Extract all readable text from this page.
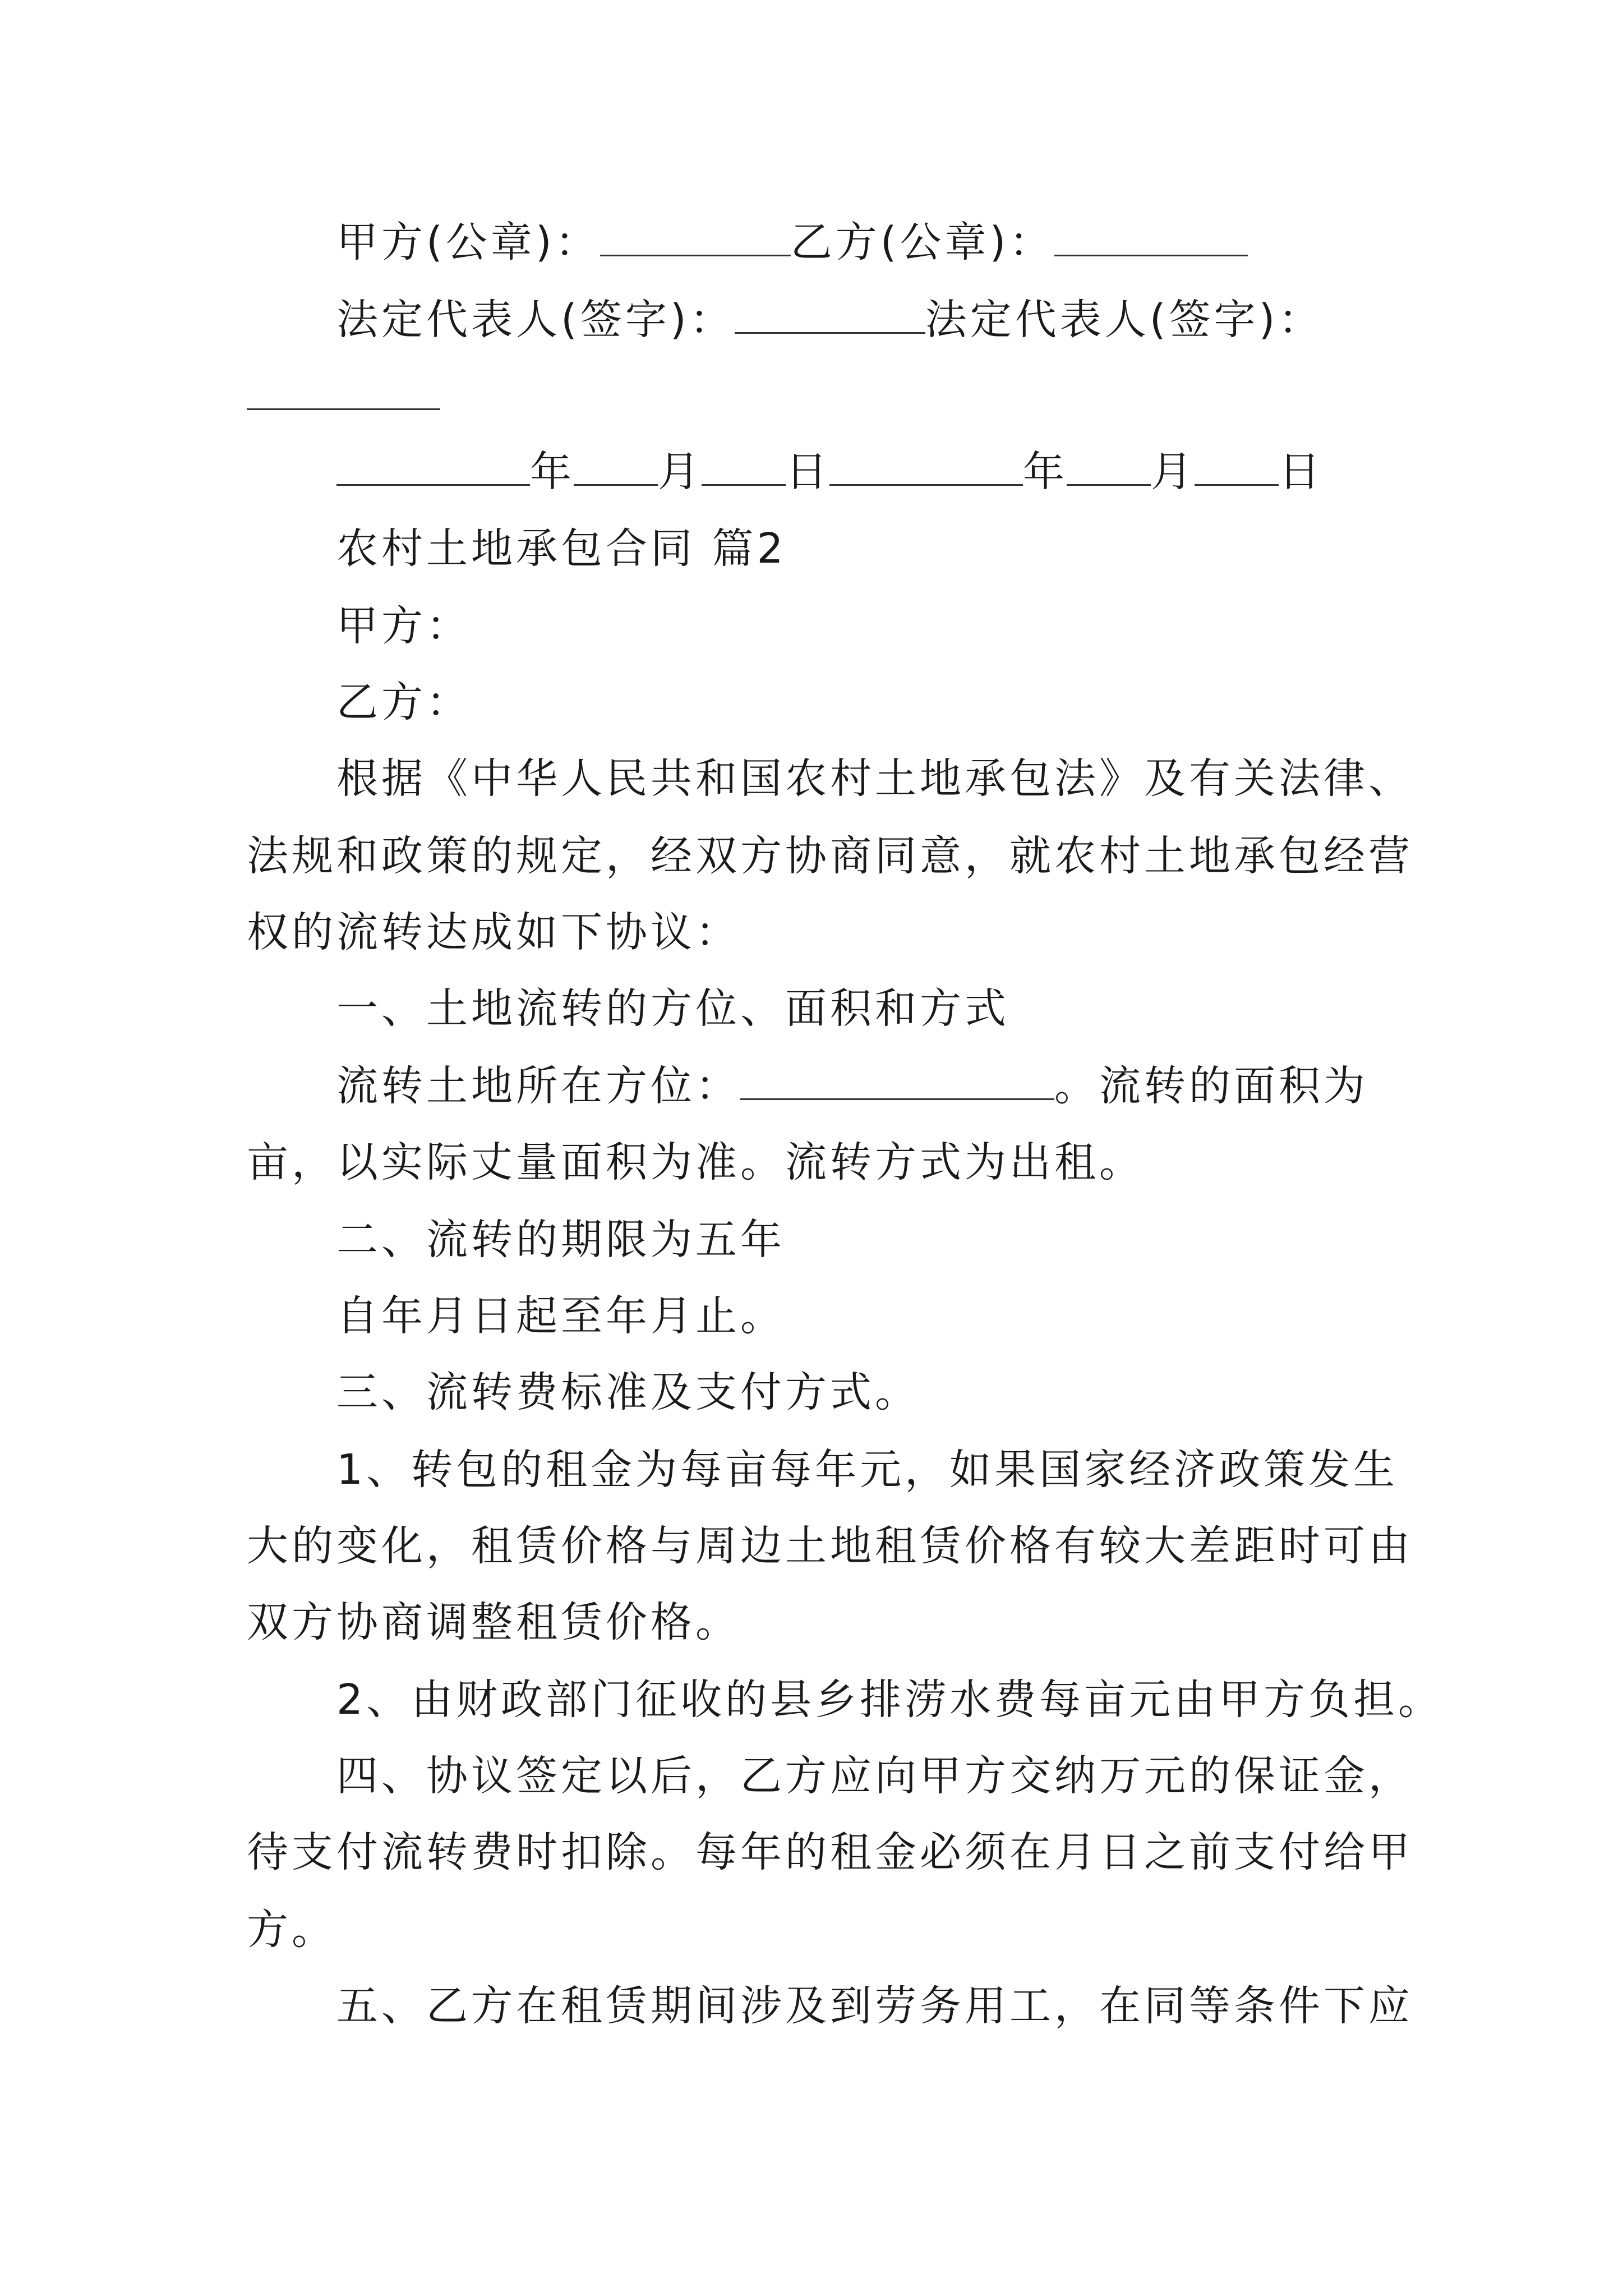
甲方(公章)：	乙方(公章)：
法定代表人(签字)：	法定代表人(签字)：
年 月 日	年 月 日
农村土地承包合同 篇2
甲方：
乙方：
根据《中华人民共和国农村土地承包法》及有关法律、
法规和政策的规定，经双方协商同意，就农村土地承包经营
权的流转达成如下协议：
一、土地流转的方位、面积和方式
流转土地所在方位：	。流转的面积为
亩，以实际丈量面积为准。流转方式为出租。
二、流转的期限为五年
自年月日起至年月止。
三、流转费标准及支付方式。
1、转包的租金为每亩每年元，如果国家经济政策发生
大的变化，租赁价格与周边土地租赁价格有较大差距时可由
双方协商调整租赁价格。
2、由财政部门征收的县乡排涝水费每亩元由甲方负担。
四、协议签定以后，乙方应向甲方交纳万元的保证金，
待支付流转费时扣除。每年的租金必须在月日之前支付给甲
方。
五、乙方在租赁期间涉及到劳务用工，在同等条件下应
